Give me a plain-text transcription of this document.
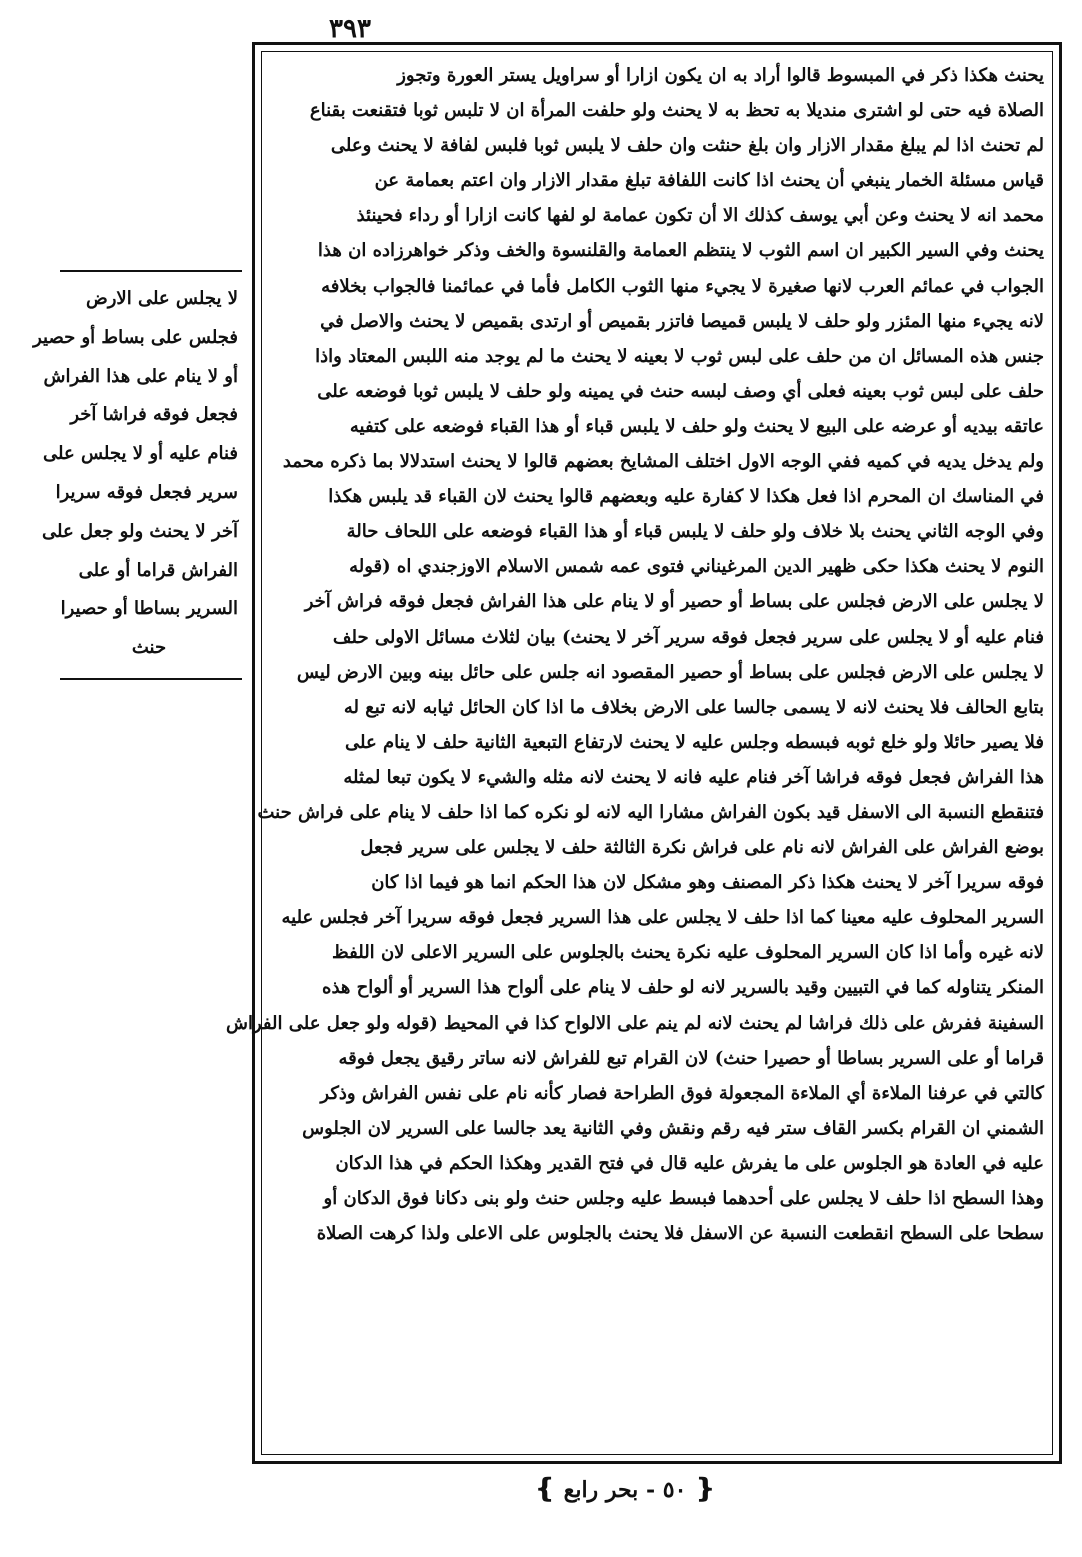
٣٩٣
لا يجلس على الارض
فجلس على بساط أو حصير
أو لا ينام على هذا الفراش
فجعل فوقه فراشا آخر
فنام عليه أو لا يجلس على
سرير فجعل فوقه سريرا
آخر لا يحنث ولو جعل على
الفراش قراما أو على
السرير بساطا أو حصيرا
حنث
يحنث هكذا ذكر في المبسوط قالوا أراد به ان يكون ازارا أو سراويل يستر العورة وتجوز
الصلاة فيه حتى لو اشترى منديلا به تحظ به لا يحنث ولو حلفت المرأة ان لا تلبس ثوبا فتقنعت بقناع
لم تحنث اذا لم يبلغ مقدار الازار وان بلغ حنثت وان حلف لا يلبس ثوبا فلبس لفافة لا يحنث وعلى
قياس مسئلة الخمار ينبغي أن يحنث اذا كانت اللفافة تبلغ مقدار الازار وان اعتم بعمامة عن
محمد انه لا يحنث وعن أبي يوسف كذلك الا أن تكون عمامة لو لفها كانت ازارا أو رداء فحينئذ
يحنث وفي السير الكبير ان اسم الثوب لا ينتظم العمامة والقلنسوة والخف وذكر خواهرزاده ان هذا
الجواب في عمائم العرب لانها صغيرة لا يجيء منها الثوب الكامل فأما في عمائمنا فالجواب بخلافه
لانه يجيء منها المئزر ولو حلف لا يلبس قميصا فاتزر بقميص أو ارتدى بقميص لا يحنث والاصل في
جنس هذه المسائل ان من حلف على لبس ثوب لا بعينه لا يحنث ما لم يوجد منه اللبس المعتاد واذا
حلف على لبس ثوب بعينه فعلى أي وصف لبسه حنث في يمينه ولو حلف لا يلبس ثوبا فوضعه على
عاتقه بيديه أو عرضه على البيع لا يحنث ولو حلف لا يلبس قباء أو هذا القباء فوضعه على كتفيه
ولم يدخل يديه في كميه ففي الوجه الاول اختلف المشايخ بعضهم قالوا لا يحنث استدلالا بما ذكره محمد
في المناسك ان المحرم اذا فعل هكذا لا كفارة عليه وبعضهم قالوا يحنث لان القباء قد يلبس هكذا
وفي الوجه الثاني يحنث بلا خلاف ولو حلف لا يلبس قباء أو هذا القباء فوضعه على اللحاف حالة
النوم لا يحنث هكذا حكى ظهير الدين المرغيناني فتوى عمه شمس الاسلام الاوزجندي اه (قوله
لا يجلس على الارض فجلس على بساط أو حصير أو لا ينام على هذا الفراش فجعل فوقه فراش آخر
فنام عليه أو لا يجلس على سرير فجعل فوقه سرير آخر لا يحنث) بيان لثلاث مسائل الاولى حلف
لا يجلس على الارض فجلس على بساط أو حصير المقصود انه جلس على حائل بينه وبين الارض ليس
بتابع الحالف فلا يحنث لانه لا يسمى جالسا على الارض بخلاف ما اذا كان الحائل ثيابه لانه تبع له
فلا يصير حائلا ولو خلع ثوبه فبسطه وجلس عليه لا يحنث لارتفاع التبعية الثانية حلف لا ينام على
هذا الفراش فجعل فوقه فراشا آخر فنام عليه فانه لا يحنث لانه مثله والشيء لا يكون تبعا لمثله
فتنقطع النسبة الى الاسفل قيد بكون الفراش مشارا اليه لانه لو نكره كما اذا حلف لا ينام على فراش حنث
بوضع الفراش على الفراش لانه نام على فراش نكرة الثالثة حلف لا يجلس على سرير فجعل
فوقه سريرا آخر لا يحنث هكذا ذكر المصنف وهو مشكل لان هذا الحكم انما هو فيما اذا كان
السرير المحلوف عليه معينا كما اذا حلف لا يجلس على هذا السرير فجعل فوقه سريرا آخر فجلس عليه
لانه غيره وأما اذا كان السرير المحلوف عليه نكرة يحنث بالجلوس على السرير الاعلى لان اللفظ
المنكر يتناوله كما في التبيين وقيد بالسرير لانه لو حلف لا ينام على ألواح هذا السرير أو ألواح هذه
السفينة ففرش على ذلك فراشا لم يحنث لانه لم ينم على الالواح كذا في المحيط (قوله ولو جعل على الفراش
قراما أو على السرير بساطا أو حصيرا حنث) لان القرام تبع للفراش لانه ساتر رقيق يجعل فوقه
كالتي في عرفنا الملاءة أي الملاءة المجعولة فوق الطراحة فصار كأنه نام على نفس الفراش وذكر
الشمني ان القرام بكسر القاف ستر فيه رقم ونقش وفي الثانية يعد جالسا على السرير لان الجلوس
عليه في العادة هو الجلوس على ما يفرش عليه قال في فتح القدير وهكذا الحكم في هذا الدكان
وهذا السطح اذا حلف لا يجلس على أحدهما فبسط عليه وجلس حنث ولو بنى دكانا فوق الدكان أو
سطحا على السطح انقطعت النسبة عن الاسفل فلا يحنث بالجلوس على الاعلى ولذا كرهت الصلاة
❴ ٥٠ - بحر رابع ❵
